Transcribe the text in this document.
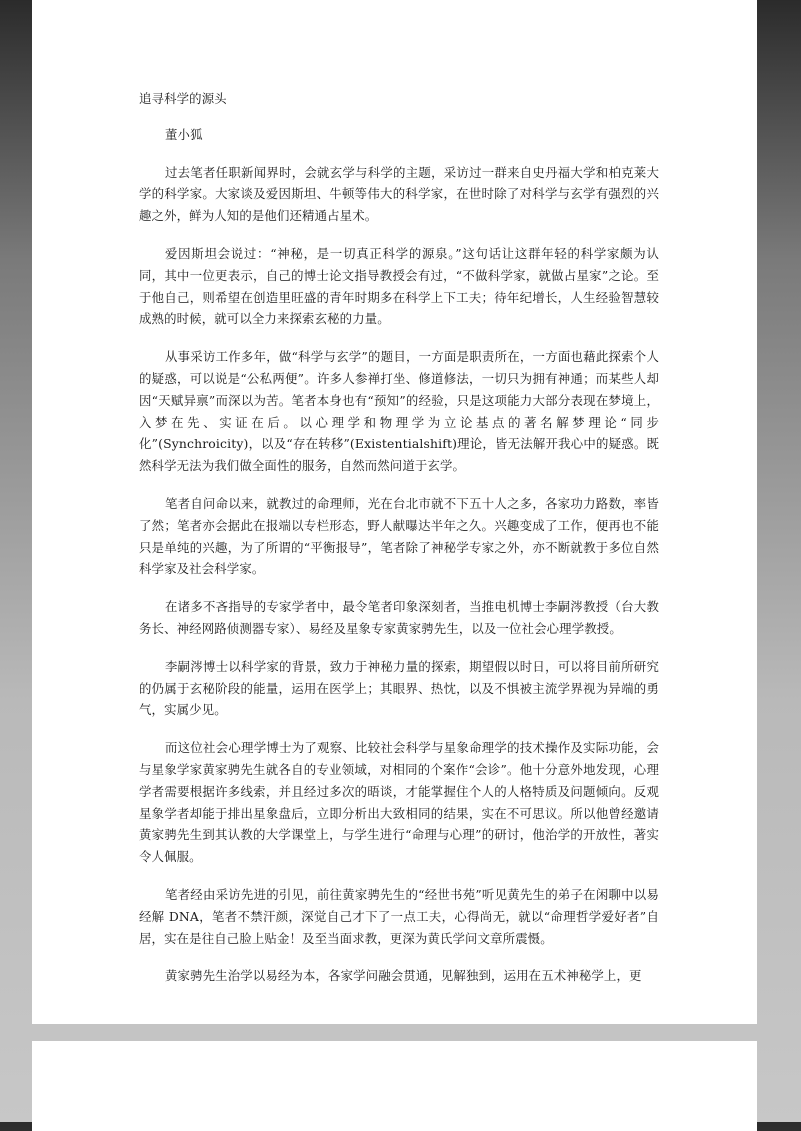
追寻科学的源头
董小狐

过去笔者任职新闻界时，会就玄学与科学的主题，采访过一群来自史丹福大学和柏克莱大学的科学家。大家谈及爱因斯坦、牛顿等伟大的科学家，在世时除了对科学与玄学有强烈的兴趣之外，鲜为人知的是他们还精通占星术。

爱因斯坦会说过：“神秘，是一切真正科学的源泉。”这句话让这群年轻的科学家颇为认同，其中一位更表示，自己的博士论文指导教授会有过，“不做科学家，就做占星家”之论。至于他自己，则希望在创造里旺盛的青年时期多在科学上下工夫；待年纪增长，人生经验智慧较成熟的时候，就可以全力来探索玄秘的力量。

从事采访工作多年，做“科学与玄学”的题目，一方面是职责所在，一方面也藉此探索个人的疑惑，可以说是“公私两便”。许多人参禅打坐、修道修法，一切只为拥有神通；而某些人却因“天赋异禀”而深以为苦。笔者本身也有“预知”的经验，只是这项能力大部分表现在梦境上，入梦在先、实证在后。以心理学和物理学为立论基点的著名解梦理论“同步化”(Synchroicity)，以及“存在转移”(Existentialshift)理论，皆无法解开我心中的疑惑。既然科学无法为我们做全面性的服务，自然而然问道于玄学。

笔者自问命以来，就教过的命理师，光在台北市就不下五十人之多，各家功力路数，率皆了然；笔者亦会据此在报端以专栏形态，野人献曝达半年之久。兴趣变成了工作，便再也不能只是单纯的兴趣，为了所谓的“平衡报导”，笔者除了神秘学专家之外，亦不断就教于多位自然科学家及社会科学家。

在诸多不吝指导的专家学者中，最令笔者印象深刻者，当推电机博士李嗣涔教授（台大教务长、神经网路侦测器专家）、易经及星象专家黄家骋先生，以及一位社会心理学教授。

李嗣涔博士以科学家的背景，致力于神秘力量的探索，期望假以时日，可以将目前所研究的仍属于玄秘阶段的能量，运用在医学上；其眼界、热忱，以及不惧被主流学界视为异端的勇气，实属少见。

而这位社会心理学博士为了观察、比较社会科学与星象命理学的技术操作及实际功能，会与星象学家黄家骋先生就各自的专业领域，对相同的个案作“会诊”。他十分意外地发现，心理学者需要根据许多线索，并且经过多次的晤谈，才能掌握住个人的人格特质及问题倾向。反观星象学者却能于排出星象盘后，立即分析出大致相同的结果，实在不可思议。所以他曾经邀请黄家骋先生到其认教的大学课堂上，与学生进行“命理与心理”的研讨，他治学的开放性，著实令人佩服。

笔者经由采访先进的引见，前往黄家骋先生的“经世书苑”听见黄先生的弟子在闲聊中以易经解 DNA，笔者不禁汗颜，深觉自己才下了一点工夫，心得尚无，就以“命理哲学爱好者”自居，实在是往自己脸上贴金！及至当面求教，更深为黄氏学问文章所震慑。

黄家骋先生治学以易经为本，各家学问融会贯通，见解独到，运用在五术神秘学上，更
